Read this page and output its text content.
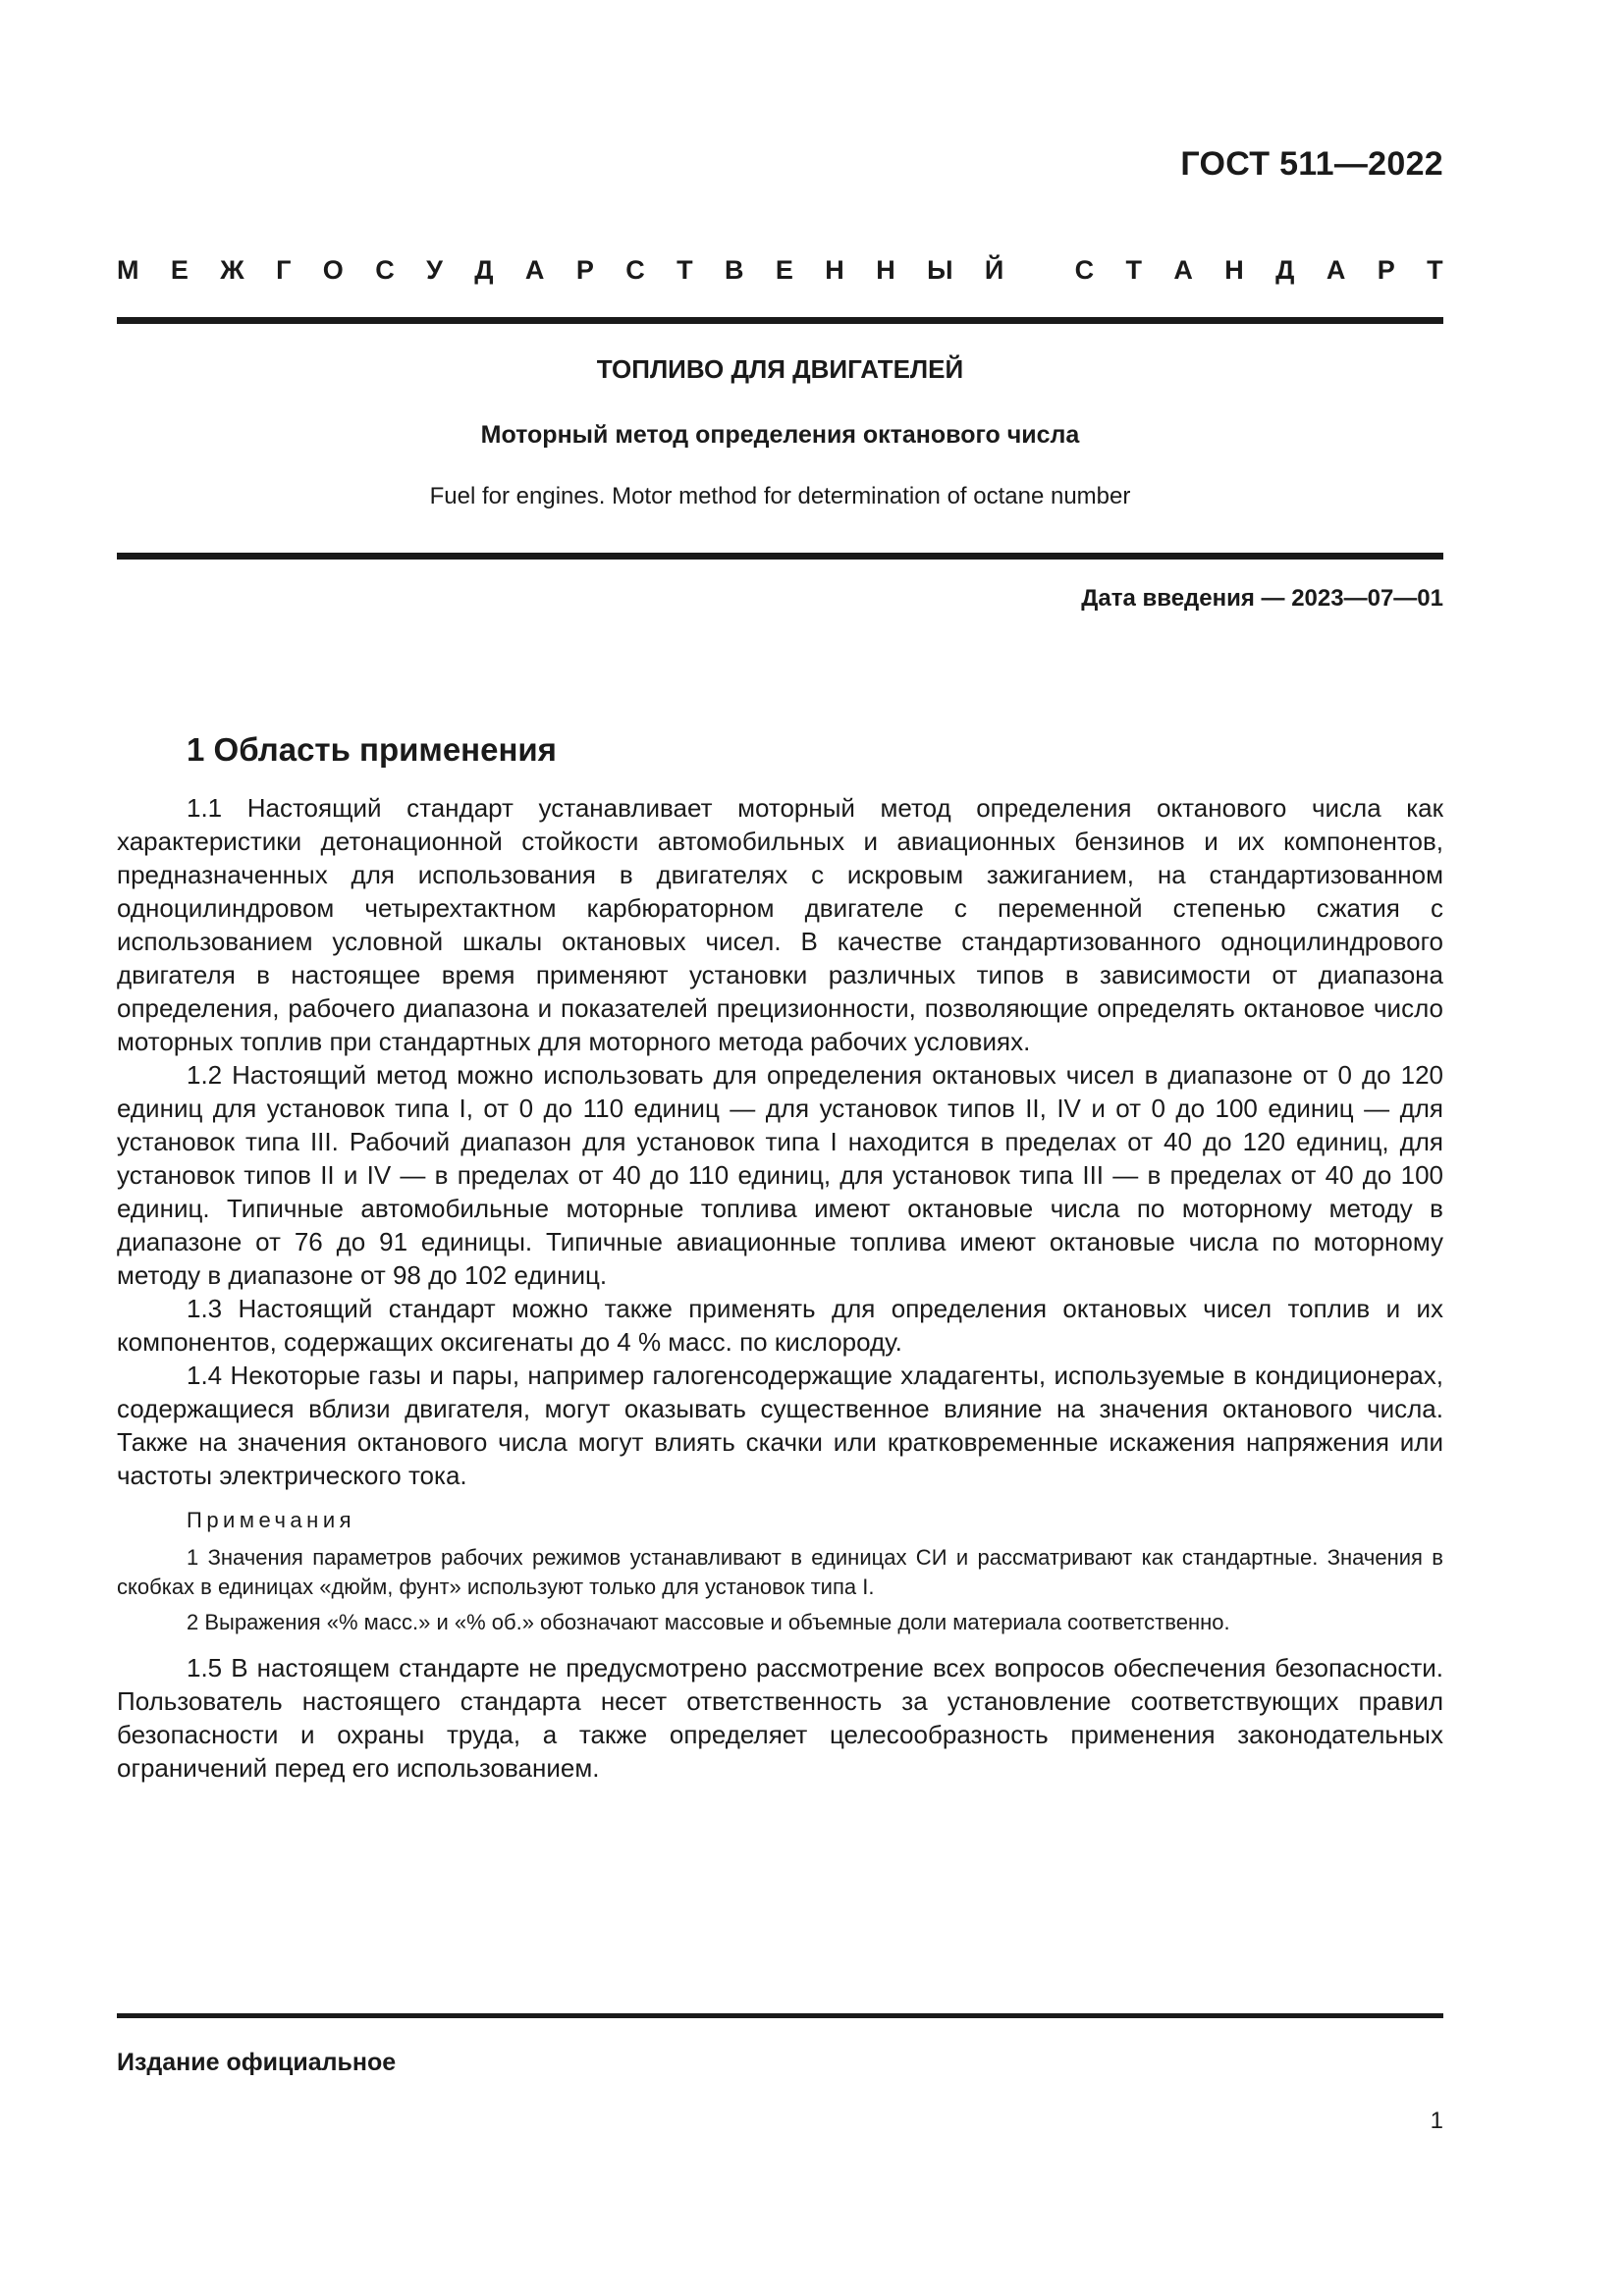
ГОСТ 511—2022
М Е Ж Г О С У Д А Р С Т В Е Н Н Ы Й
	С Т А Н Д А Р Т
ТОПЛИВО ДЛЯ ДВИГАТЕЛЕЙ
Моторный метод определения октанового числа
Fuel for engines. Motor method for determination of octane number
Дата введения — 2023—07—01
1 Область применения

1.1 Настоящий стандарт устанавливает моторный метод определения октанового числа как характеристики детонационной стойкости автомобильных и авиационных бензинов и их компонентов, предназначенных для использования в двигателях с искровым зажиганием, на стандартизованном одноцилиндровом четырехтактном карбюраторном двигателе с переменной степенью сжатия с использованием условной шкалы октановых чисел. В качестве стандартизованного одноцилиндрового двигателя в настоящее время применяют установки различных типов в зависимости от диапазона определения, рабочего диапазона и показателей прецизионности, позволяющие определять октановое число моторных топлив при стандартных для моторного метода рабочих условиях.

1.2 Настоящий метод можно использовать для определения октановых чисел в диапазоне от 0 до 120 единиц для установок типа I, от 0 до 110 единиц — для установок типов II, IV и от 0 до 100 единиц — для установок типа III. Рабочий диапазон для установок типа I находится в пределах от 40 до 120 единиц, для установок типов II и IV — в пределах от 40 до 110 единиц, для установок типа III — в пределах от 40 до 100 единиц. Типичные автомобильные моторные топлива имеют октановые числа по моторному методу в диапазоне от 76 до 91 единицы. Типичные авиационные топлива имеют октановые числа по моторному методу в диапазоне от 98 до 102 единиц.

1.3 Настоящий стандарт можно также применять для определения октановых чисел топлив и их компонентов, содержащих оксигенаты до 4 % масс. по кислороду.

1.4 Некоторые газы и пары, например галогенсодержащие хладагенты, используемые в кондиционерах, содержащиеся вблизи двигателя, могут оказывать существенное влияние на значения октанового числа. Также на значения октанового числа могут влиять скачки или кратковременные искажения напряжения или частоты электрического тока.

Примечания

1 Значения параметров рабочих режимов устанавливают в единицах СИ и рассматривают как стандартные. Значения в скобках в единицах «дюйм, фунт» используют только для установок типа I.

2 Выражения «% масс.» и «% об.» обозначают массовые и объемные доли материала соответственно.

1.5 В настоящем стандарте не предусмотрено рассмотрение всех вопросов обеспечения безопасности. Пользователь настоящего стандарта несет ответственность за установление соответствующих правил безопасности и охраны труда, а также определяет целесообразность применения законодательных ограничений перед его использованием.

Издание официальное
1
